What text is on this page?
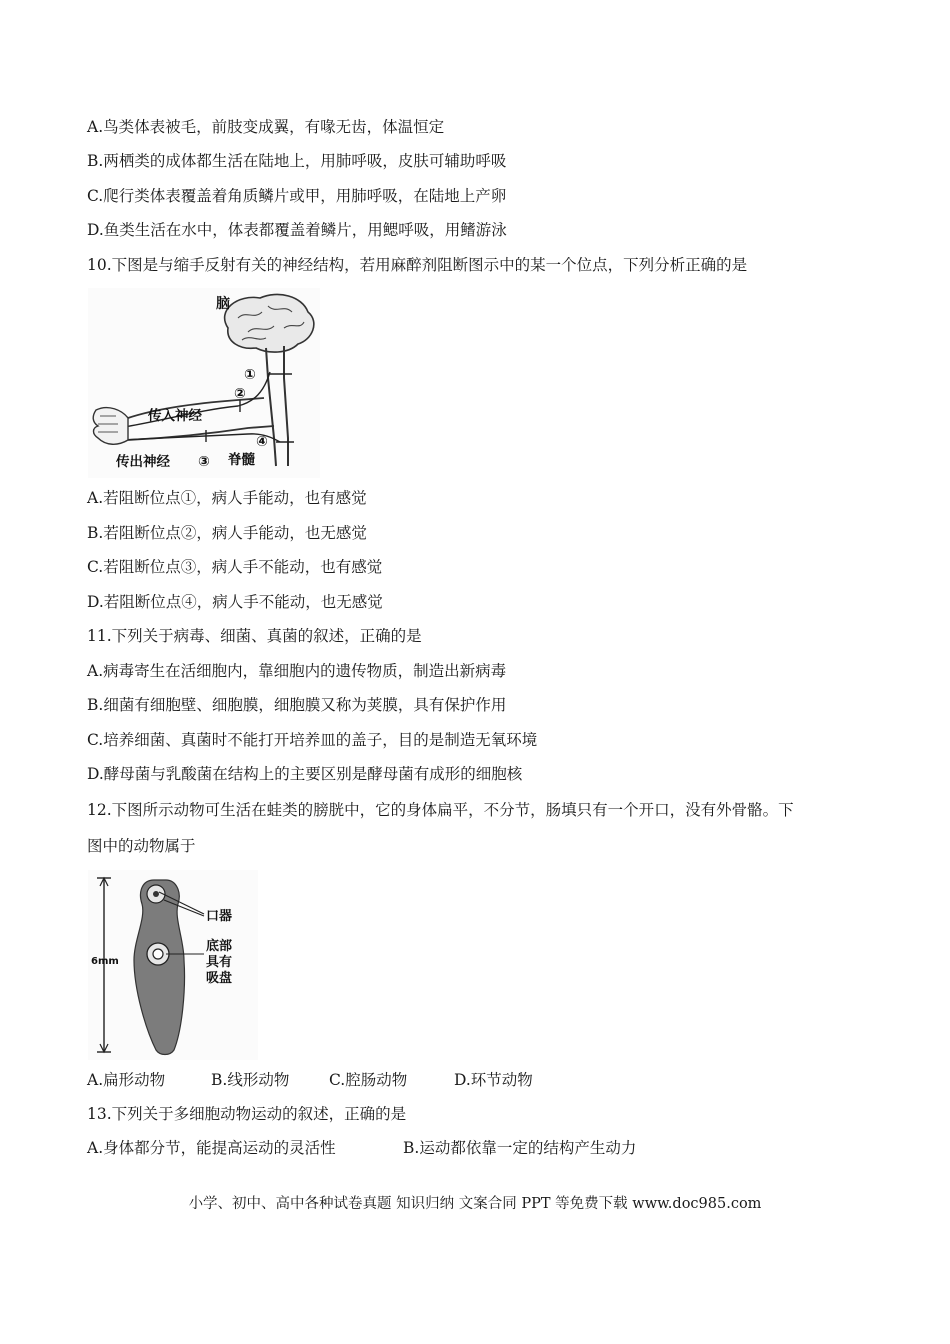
A.鸟类体表被毛，前肢变成翼，有喙无齿，体温恒定
B.两栖类的成体都生活在陆地上，用肺呼吸，皮肤可辅助呼吸
C.爬行类体表覆盖着角质鳞片或甲，用肺呼吸，在陆地上产卵
D.鱼类生活在水中，体表都覆盖着鳞片，用鳃呼吸，用鳍游泳
10.下图是与缩手反射有关的神经结构，若用麻醉剂阻断图示中的某一个位点，下列分析正确的是
脑
①
②
传入神经
④
传出神经 ③ 脊髓
A.若阻断位点①，病人手能动，也有感觉
B.若阻断位点②，病人手能动，也无感觉
C.若阻断位点③，病人手不能动，也有感觉
D.若阻断位点④，病人手不能动，也无感觉
11.下列关于病毒、细菌、真菌的叙述，正确的是
A.病毒寄生在活细胞内，靠细胞内的遗传物质，制造出新病毒
B.细菌有细胞壁、细胞膜，细胞膜又称为荚膜，具有保护作用
C.培养细菌、真菌时不能打开培养皿的盖子，目的是制造无氧环境
D.酵母菌与乳酸菌在结构上的主要区别是酵母菌有成形的细胞核
12.下图所示动物可生活在蛙类的膀胱中，它的身体扁平，不分节，肠填只有一个开口，没有外骨骼。下
图中的动物属于
6mm
口器
底部
具有
吸盘
A.扁形动物	B.线形动物	C.腔肠动物	D.环节动物
13.下列关于多细胞动物运动的叙述，正确的是
A.身体都分节，能提高运动的灵活性	B.运动都依靠一定的结构产生动力
小学、初中、高中各种试卷真题 知识归纳 文案合同 PPT 等免费下载 www.doc985.com
